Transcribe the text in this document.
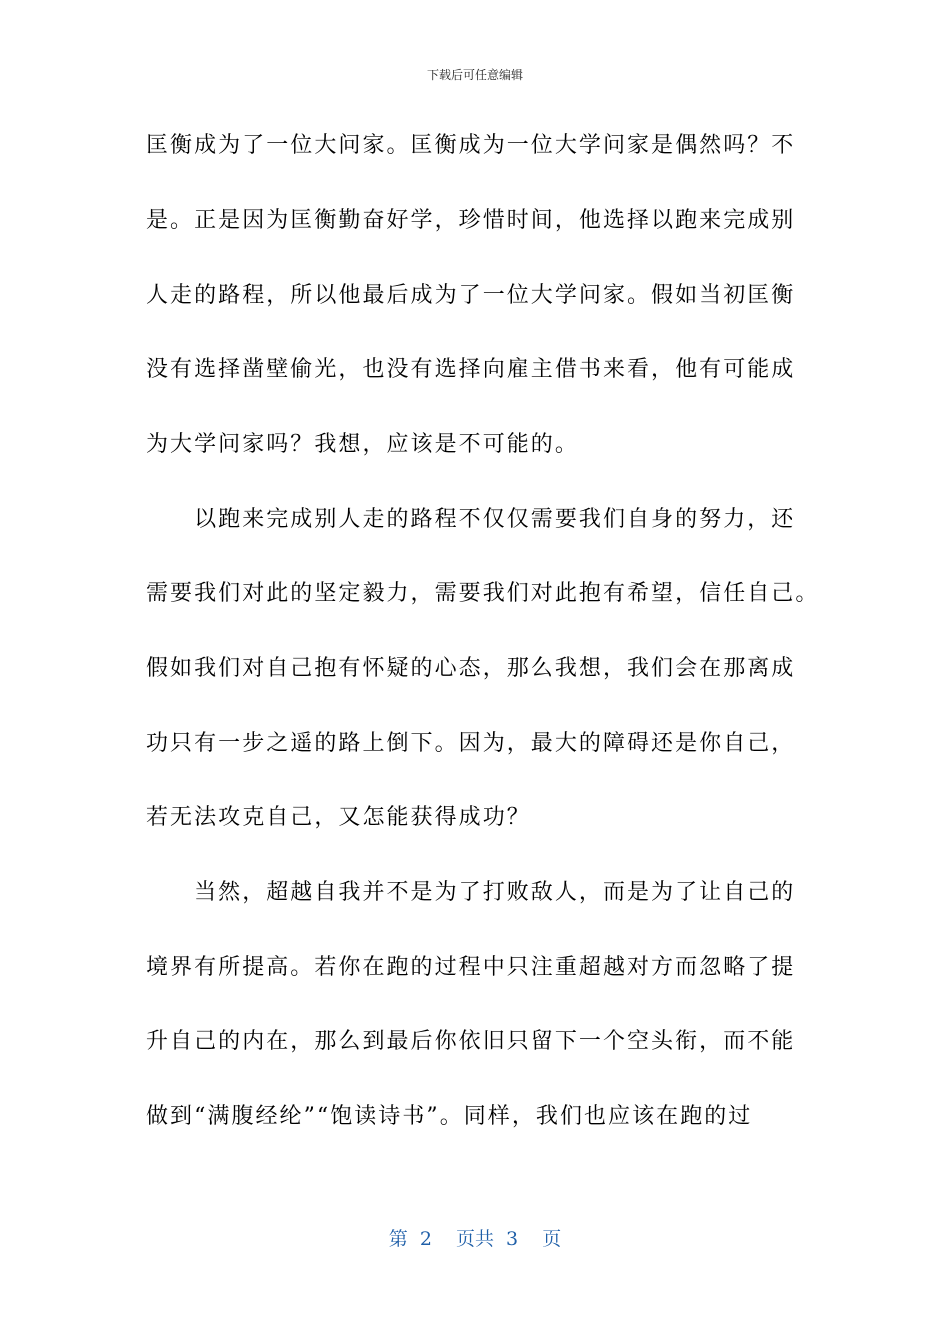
下载后可任意编辑
匡衡成为了一位大问家。匡衡成为一位大学问家是偶然吗？不
是。正是因为匡衡勤奋好学，珍惜时间，他选择以跑来完成别
人走的路程，所以他最后成为了一位大学问家。假如当初匡衡
没有选择凿壁偷光，也没有选择向雇主借书来看，他有可能成
为大学问家吗？我想，应该是不可能的。
　　以跑来完成别人走的路程不仅仅需要我们自身的努力，还
需要我们对此的坚定毅力，需要我们对此抱有希望，信任自己。
假如我们对自己抱有怀疑的心态，那么我想，我们会在那离成
功只有一步之遥的路上倒下。因为，最大的障碍还是你自己，
若无法攻克自己，又怎能获得成功？
　　当然，超越自我并不是为了打败敌人，而是为了让自己的
境界有所提高。若你在跑的过程中只注重超越对方而忽略了提
升自己的内在，那么到最后你依旧只留下一个空头衔，而不能
做到“满腹经纶”“饱读诗书”。同样，我们也应该在跑的过
第 2  页共 3  页
